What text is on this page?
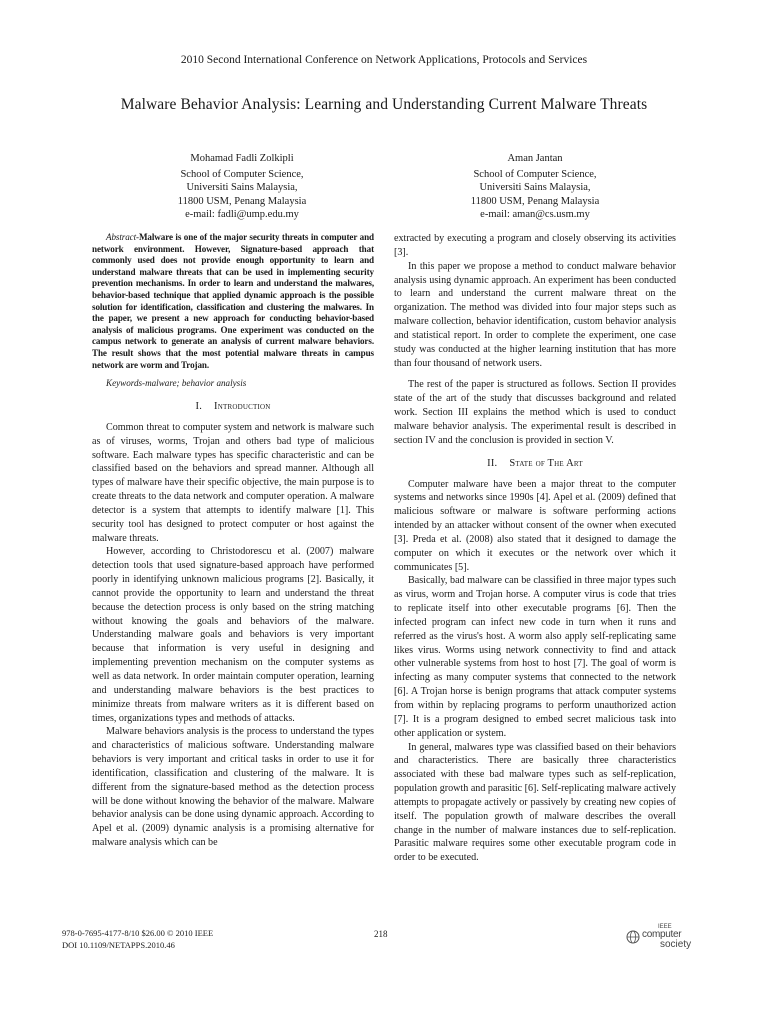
2010 Second International Conference on Network Applications, Protocols and Services
Malware Behavior Analysis: Learning and Understanding Current Malware Threats
Mohamad Fadli Zolkipli
School of Computer Science,
Universiti Sains Malaysia,
11800 USM, Penang Malaysia
e-mail: fadli@ump.edu.my
Aman Jantan
School of Computer Science,
Universiti Sains Malaysia,
11800 USM, Penang Malaysia
e-mail: aman@cs.usm.my

Abstract-Malware is one of the major security threats in computer and network environment. However, Signature-based approach that commonly used does not provide enough opportunity to learn and understand malware threats that can be used in implementing security prevention mechanisms. In order to learn and understand the malwares, behavior-based technique that applied dynamic approach is the possible solution for identification, classification and clustering the malwares. In the paper, we present a new approach for conducting behavior-based analysis of malicious programs. One experiment was conducted on the campus network to generate an analysis of current malware behaviors. The result shows that the most potential malware threats in campus network are worm and Trojan.

Keywords-malware; behavior analysis

I. Introduction

Common threat to computer system and network is malware such as of viruses, worms, Trojan and others bad type of malicious software. Each malware types has specific characteristic and can be classified based on the behaviors and spread manner. Although all types of malware have their specific objective, the main purpose is to create threats to the data network and computer operation. A malware detector is a system that attempts to identify malware [1]. This security tool has designed to protect computer or host against the malware threats.

However, according to Christodorescu et al. (2007) malware detection tools that used signature-based approach have performed poorly in identifying unknown malicious programs [2]. Basically, it cannot provide the opportunity to learn and understand the threat because the detection process is only based on the string matching without knowing the goals and behaviors of the malware. Understanding malware goals and behaviors is very important because that information is very useful in designing and implementing prevention mechanism on the computer systems as well as data network. In order maintain computer operation, learning and understanding malware behaviors is the best practices to minimize threats from malware writers as it is different based on times, organizations types and methods of attacks.

Malware behaviors analysis is the process to understand the types and characteristics of malicious software. Understanding malware behaviors is very important and critical tasks in order to use it for identification, classification and clustering of the malware. It is different from the signature-based method as the detection process will be done without knowing the behavior of the malware. Malware behavior analysis can be done using dynamic approach. According to Apel et al. (2009) dynamic analysis is a promising alternative for malware analysis which can be

extracted by executing a program and closely observing its activities [3].

In this paper we propose a method to conduct malware behavior analysis using dynamic approach. An experiment has been conducted to learn and understand the current malware threat on the organization. The method was divided into four major steps such as malware collection, behavior identification, custom behavior analysis and statistical report. In order to complete the experiment, one case study was conducted at the higher learning institution that has more than four thousand of network users.

The rest of the paper is structured as follows. Section II provides state of the art of the study that discusses background and related work. Section III explains the method which is used to conduct malware behavior analysis. The experimental result is described in section IV and the conclusion is provided in section V.

II. State of The Art

Computer malware have been a major threat to the computer systems and networks since 1990s [4]. Apel et al. (2009) defined that malicious software or malware is software performing actions intended by an attacker without consent of the owner when executed [3]. Preda et al. (2008) also stated that it designed to damage the computer on which it executes or the network over which it communicates [5].

Basically, bad malware can be classified in three major types such as virus, worm and Trojan horse. A computer virus is code that tries to replicate itself into other executable programs [6]. Then the infected program can infect new code in turn when it runs and referred as the virus's host. A worm also apply self-replicating same likes virus. Worms using network connectivity to find and attack other vulnerable systems from host to host [7]. The goal of worm is infecting as many computer systems that connected to the network [6]. A Trojan horse is benign programs that attack computer systems from within by replacing programs to perform unauthorized action [7]. It is a program designed to embed secret malicious task into other application or system.

In general, malwares type was classified based on their behaviors and characteristics. There are basically three characteristics associated with these bad malware types such as self-replication, population growth and parasitic [6]. Self-replicating malware actively attempts to propagate actively or passively by creating new copies of itself. The population growth of malware describes the overall change in the number of malware instances due to self-replication. Parasitic malware requires some other executable program code in order to be executed.

978-0-7695-4177-8/10 $26.00 © 2010 IEEE
DOI 10.1109/NETAPPS.2010.46
218
IEEE
computer
society
